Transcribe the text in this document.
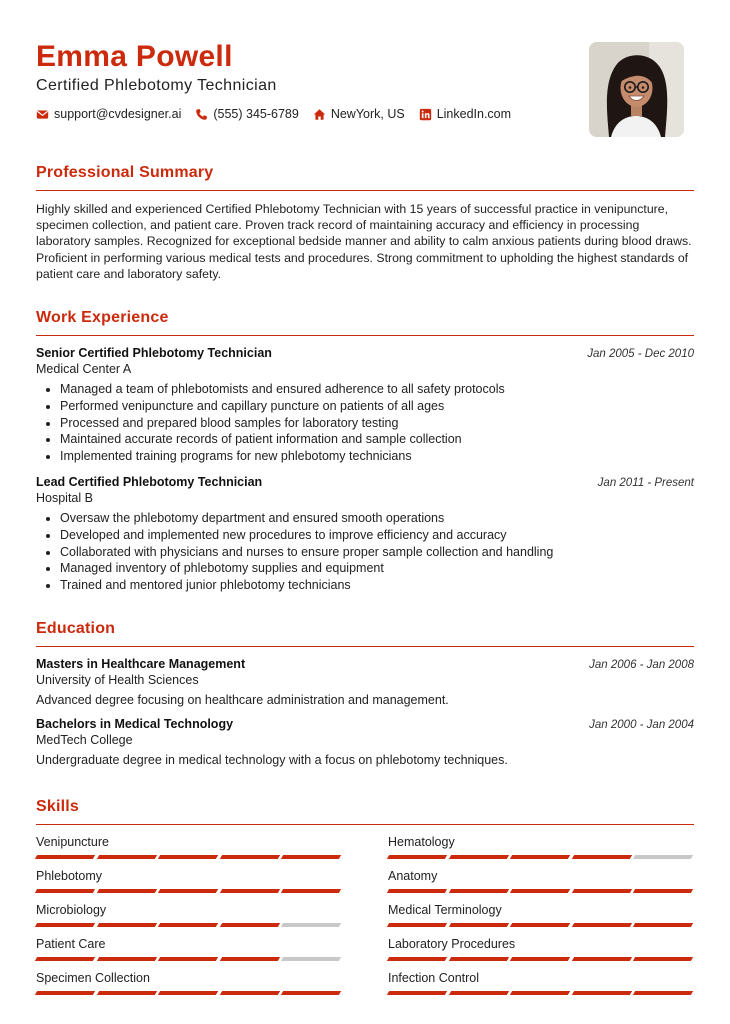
Emma Powell
Certified Phlebotomy Technician
support@cvdesigner.ai	(555) 345-6789	NewYork, US	LinkedIn.com
Professional Summary
Highly skilled and experienced Certified Phlebotomy Technician with 15 years of successful practice in venipuncture, specimen collection, and patient care. Proven track record of maintaining accuracy and efficiency in processing laboratory samples. Recognized for exceptional bedside manner and ability to calm anxious patients during blood draws. Proficient in performing various medical tests and procedures. Strong commitment to upholding the highest standards of patient care and laboratory safety.
Work Experience
Senior Certified Phlebotomy Technician	Jan 2005 - Dec 2010
Medical Center A
• Managed a team of phlebotomists and ensured adherence to all safety protocols
• Performed venipuncture and capillary puncture on patients of all ages
• Processed and prepared blood samples for laboratory testing
• Maintained accurate records of patient information and sample collection
• Implemented training programs for new phlebotomy technicians
Lead Certified Phlebotomy Technician	Jan 2011 - Present
Hospital B
• Oversaw the phlebotomy department and ensured smooth operations
• Developed and implemented new procedures to improve efficiency and accuracy
• Collaborated with physicians and nurses to ensure proper sample collection and handling
• Managed inventory of phlebotomy supplies and equipment
• Trained and mentored junior phlebotomy technicians
Education
Masters in Healthcare Management	Jan 2006 - Jan 2008
University of Health Sciences
Advanced degree focusing on healthcare administration and management.
Bachelors in Medical Technology	Jan 2000 - Jan 2004
MedTech College
Undergraduate degree in medical technology with a focus on phlebotomy techniques.
Skills
Venipuncture	Hematology
Phlebotomy	Anatomy
Microbiology	Medical Terminology
Patient Care	Laboratory Procedures
Specimen Collection	Infection Control
